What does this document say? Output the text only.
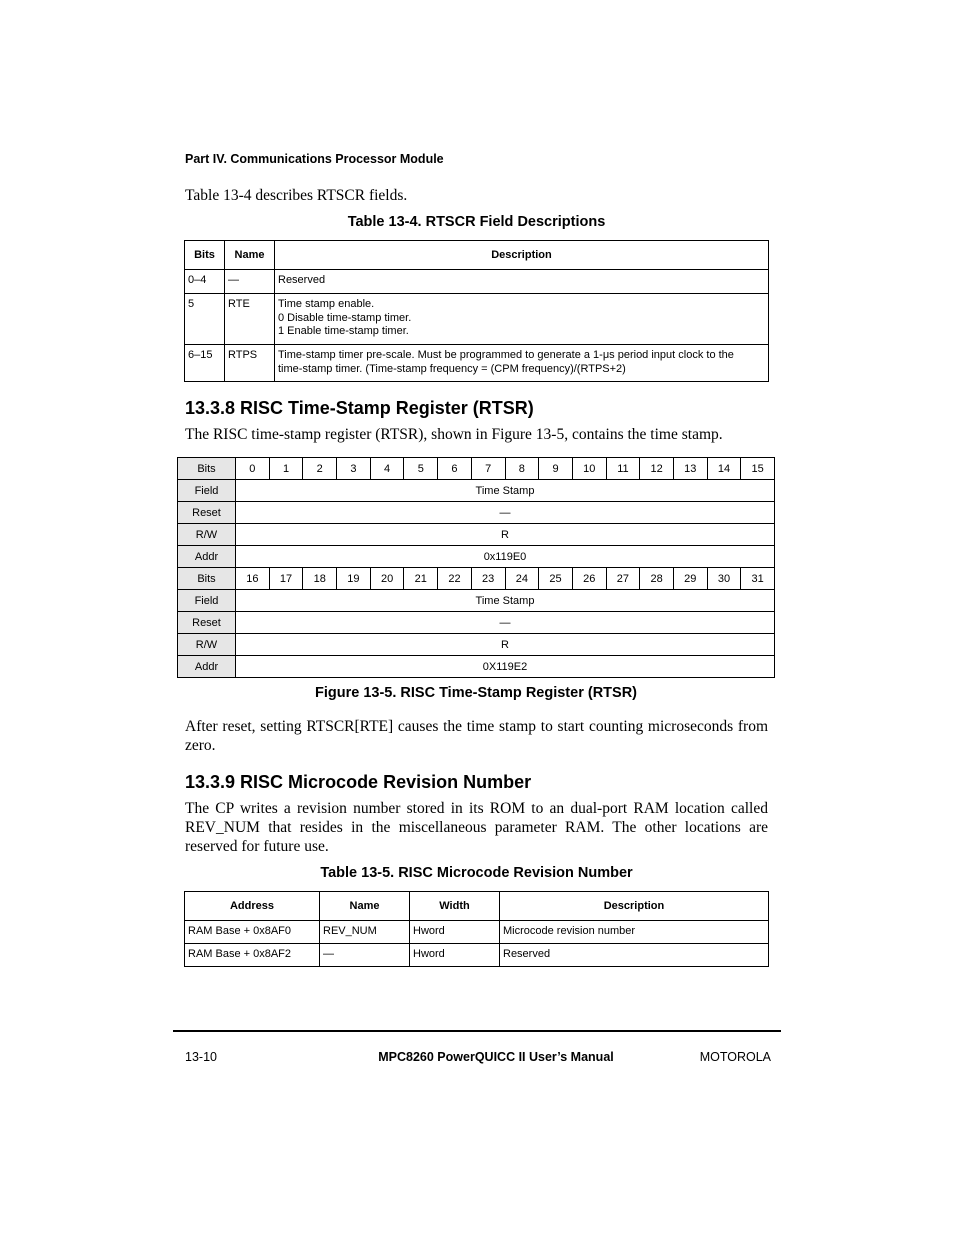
Part IV. Communications Processor Module
Table 13-4 describes RTSCR fields.
Table 13-4. RTSCR Field Descriptions
Bits	Name	Description
0–4	—	Reserved
5	RTE	Time stamp enable.
0 Disable time-stamp timer.
1 Enable time-stamp timer.

6–15	RTPS	Time-stamp timer pre-scale. Must be programmed to generate a 1-μs period input clock to the
time-stamp timer. (Time-stamp frequency = (CPM frequency)/(RTPS+2)
13.3.8 RISC Time-Stamp Register (RTSR)
The RISC time-stamp register (RTSR), shown in Figure 13-5, contains the time stamp.
Bits	0	1	2	3	4	5	6	7	8	9	10	11	12	13	14	15
Field	Time Stamp															
Reset	—															
R/W	R															
Addr	0x119E0															
Bits	16	17	18	19	20	21	22	23	24	25	26	27	28	29	30	31
Field	Time Stamp															
Reset	—															
R/W	R															
Addr	0X119E2															
Figure 13-5. RISC Time-Stamp Register (RTSR)
After reset, setting RTSCR[RTE] causes the time stamp to start counting microseconds from zero.
13.3.9 RISC Microcode Revision Number
The CP writes a revision number stored in its ROM to an dual-port RAM location called REV_NUM that resides in the miscellaneous parameter RAM. The other locations are reserved for future use.
Table 13-5. RISC Microcode Revision Number
Address	Name	Width	Description
RAM Base + 0x8AF0	REV_NUM	Hword	Microcode revision number
RAM Base + 0x8AF2	—	Hword	Reserved
13-10	MPC8260 PowerQUICC II User’s Manual	MOTOROLA
